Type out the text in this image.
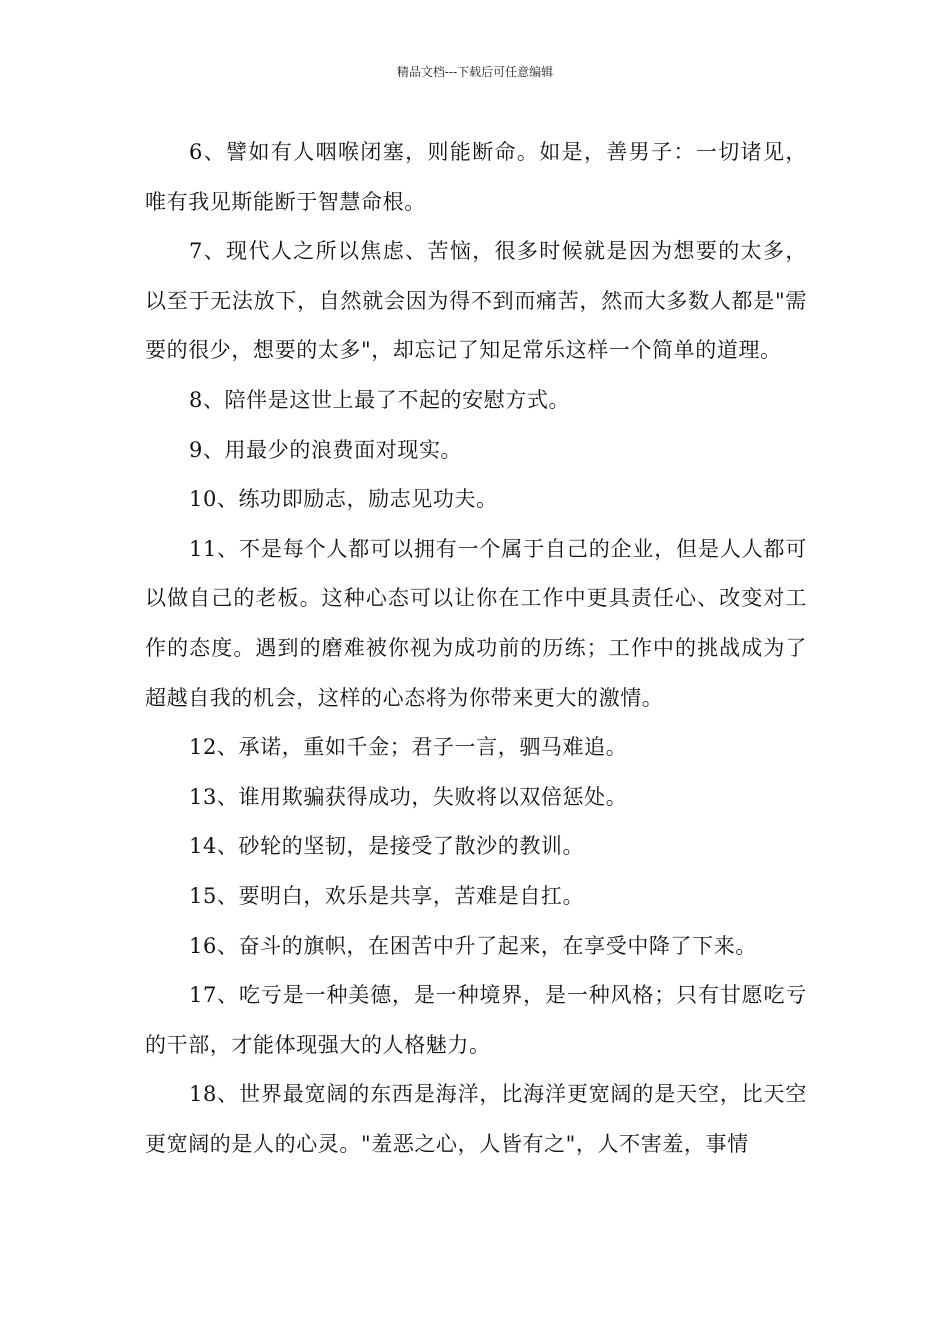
精品文档---下载后可任意编辑

6、譬如有人咽喉闭塞，则能断命。如是，善男子：一切诸见，唯有我见斯能断于智慧命根。

7、现代人之所以焦虑、苦恼，很多时候就是因为想要的太多，以至于无法放下，自然就会因为得不到而痛苦，然而大多数人都是"需要的很少，想要的太多"，却忘记了知足常乐这样一个简单的道理。

8、陪伴是这世上最了不起的安慰方式。

9、用最少的浪费面对现实。

10、练功即励志，励志见功夫。

11、不是每个人都可以拥有一个属于自己的企业，但是人人都可以做自己的老板。这种心态可以让你在工作中更具责任心、改变对工作的态度。遇到的磨难被你视为成功前的历练；工作中的挑战成为了超越自我的机会，这样的心态将为你带来更大的激情。

12、承诺，重如千金；君子一言，驷马难追。

13、谁用欺骗获得成功，失败将以双倍惩处。

14、砂轮的坚韧，是接受了散沙的教训。

15、要明白，欢乐是共享，苦难是自扛。

16、奋斗的旗帜，在困苦中升了起来，在享受中降了下来。

17、吃亏是一种美德，是一种境界，是一种风格；只有甘愿吃亏的干部，才能体现强大的人格魅力。

18、世界最宽阔的东西是海洋，比海洋更宽阔的是天空，比天空更宽阔的是人的心灵。"羞恶之心，人皆有之"，人不害羞，事情
